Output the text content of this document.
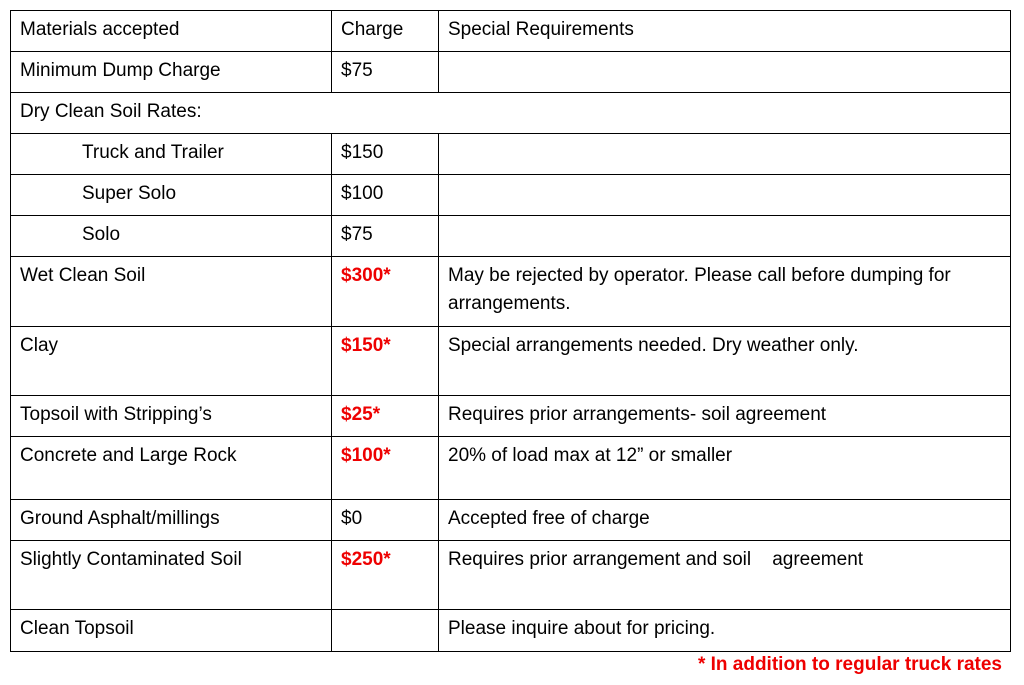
Materials accepted	Charge	Special Requirements
Minimum Dump Charge	$75	
Dry Clean Soil Rates:		
Truck and Trailer	$150	
Super Solo	$100	
Solo	$75	
Wet Clean Soil	$300*	May be rejected by operator. Please call before dumping for arrangements.
Clay	$150*	Special arrangements needed. Dry weather only.
Topsoil with Stripping’s	$25*	Requires prior arrangements- soil agreement
Concrete and Large Rock	$100*	20% of load max at 12” or smaller
Ground Asphalt/millings	$0	Accepted free of charge
Slightly Contaminated Soil	$250*	Requires prior arrangement and soil    agreement
Clean Topsoil		Please inquire about for pricing.
* In addition to regular truck rates
